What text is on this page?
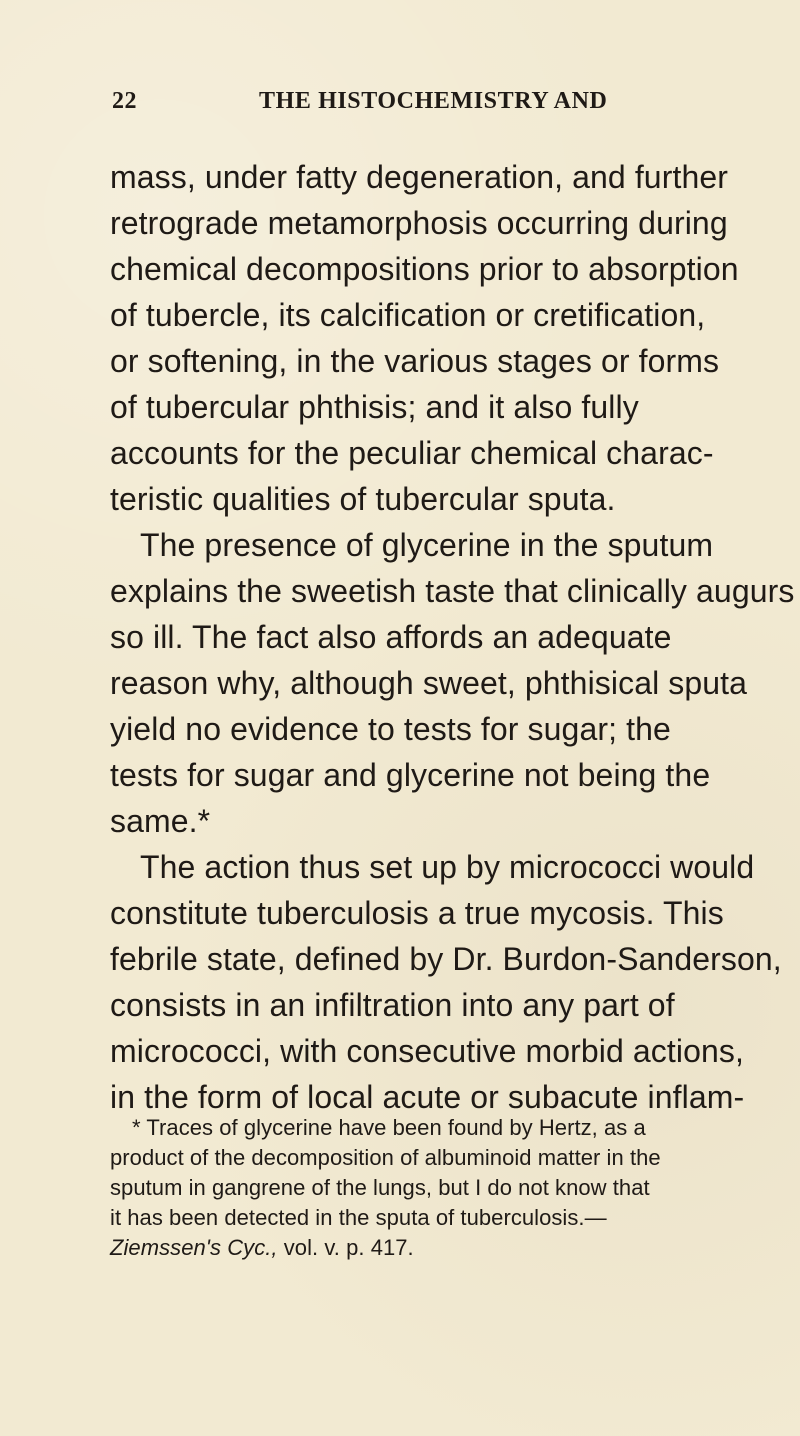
22	THE HISTOCHEMISTRY AND
mass, under fatty degeneration, and further
retrograde metamorphosis occurring during
chemical decompositions prior to absorption
of tubercle, its calcification or cretification,
or softening, in the various stages or forms
of tubercular phthisis; and it also fully
accounts for the peculiar chemical charac-
teristic qualities of tubercular sputa.
The presence of glycerine in the sputum
explains the sweetish taste that clinically augurs
so ill. The fact also affords an adequate
reason why, although sweet, phthisical sputa
yield no evidence to tests for sugar; the
tests for sugar and glycerine not being the
same.*
The action thus set up by micrococci would
constitute tuberculosis a true mycosis. This
febrile state, defined by Dr. Burdon-Sanderson,
consists in an infiltration into any part of
micrococci, with consecutive morbid actions,
in the form of local acute or subacute inflam-
* Traces of glycerine have been found by Hertz, as a
product of the decomposition of albuminoid matter in the
sputum in gangrene of the lungs, but I do not know that
it has been detected in the sputa of tuberculosis.—
Ziemssen's Cyc., vol. v. p. 417.
